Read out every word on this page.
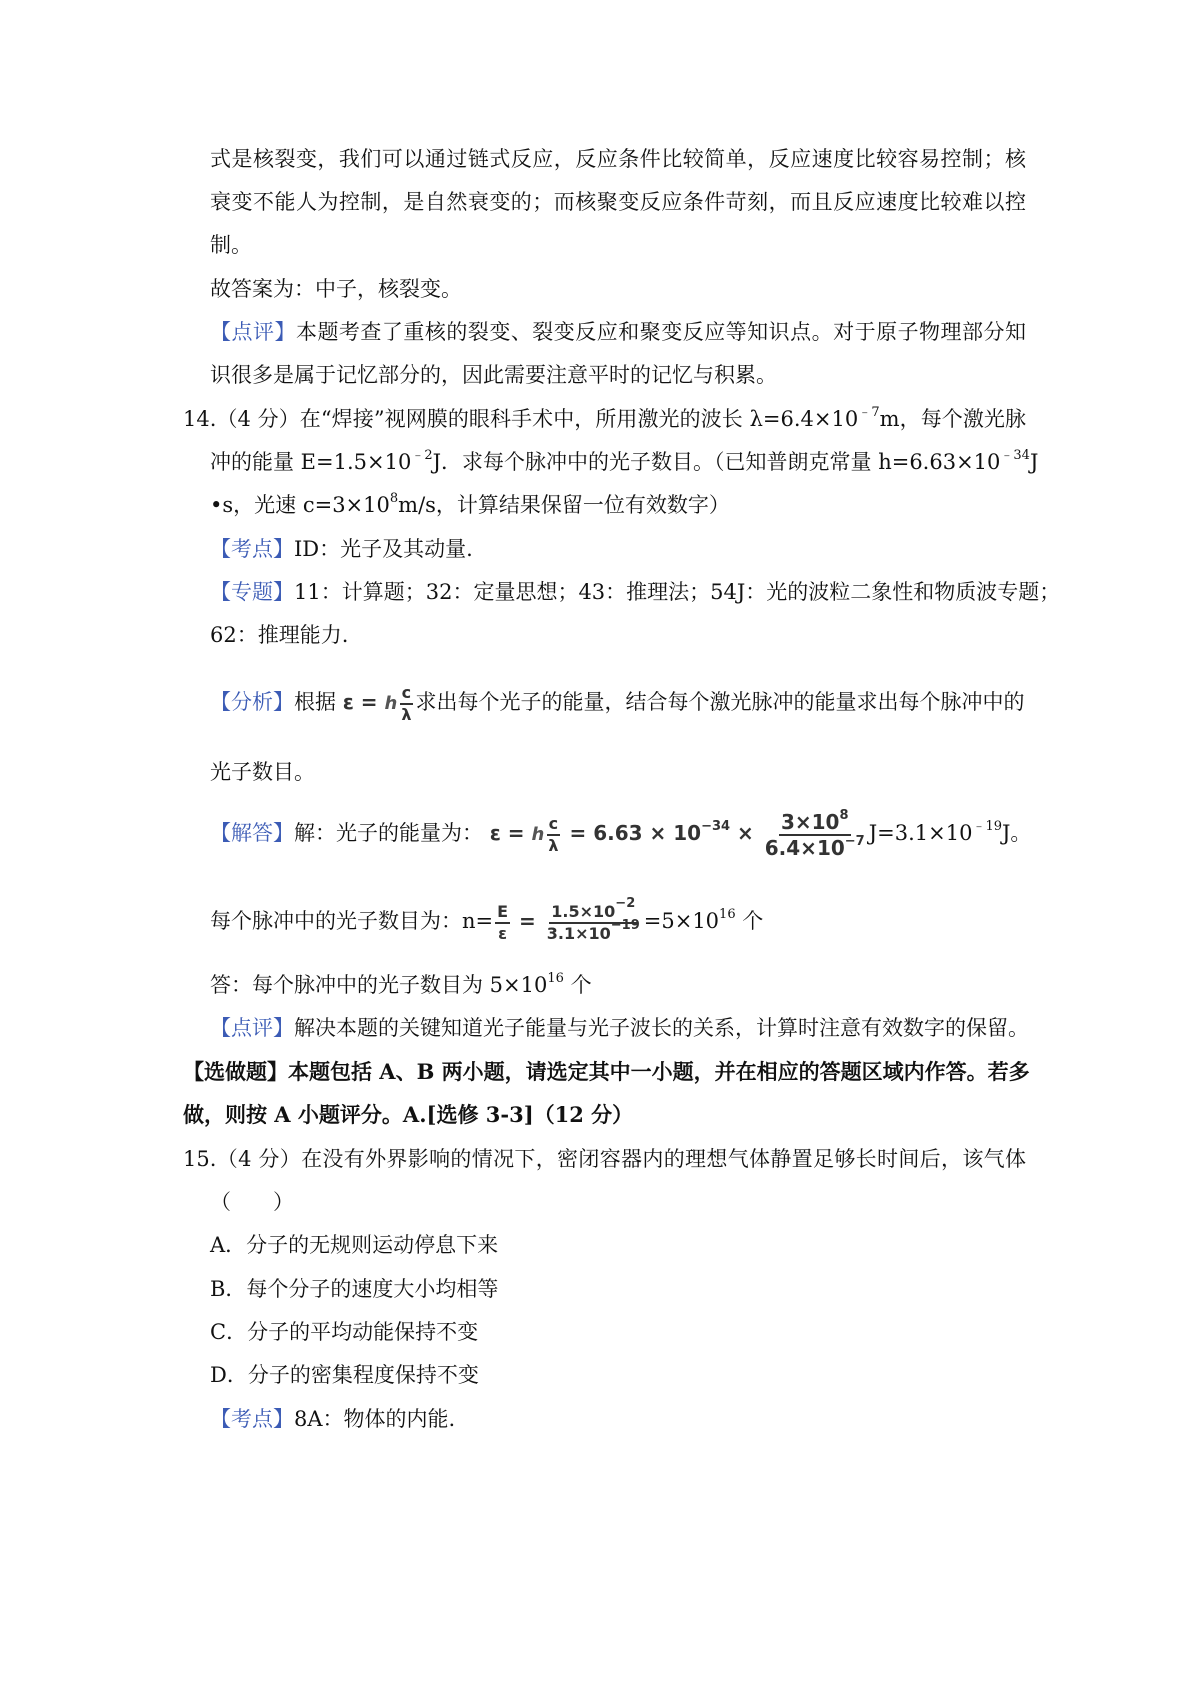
式是核裂变，我们可以通过链式反应，反应条件比较简单，反应速度比较容易控制；核
衰变不能人为控制，是自然衰变的；而核聚变反应条件苛刻，而且反应速度比较难以控
制。
故答案为：中子，核裂变。
【点评】本题考查了重核的裂变、裂变反应和聚变反应等知识点。对于原子物理部分知
识很多是属于记忆部分的，因此需要注意平时的记忆与积累。
14.（4 分）在“焊接”视网膜的眼科手术中，所用激光的波长 $\lambda=6.4\times 10^{﹣7}m$，每个激光脉
冲的能量 $E=1.5\times 10^{﹣2}J$．求每个脉冲中的光子数目。（已知普朗克常量 $h=6.63\times 10^{﹣34}J$
•s，光速 $c=3\times 10^8m/s$，计算结果保留一位有效数字）
【考点】ID：光子及其动量.
【专题】11：计算题；32：定量思想；43：推理法；54J：光的波粒二象性和物质波专题；
62：推理能力.
【分析】根据 ε = h $\frac{c}{\lambda}$ 求出每个光子的能量，结合每个激光脉冲的能量求出每个脉冲中的
光子数目。
【解答】解：光子的能量为： ε = h $\frac{c}{\lambda} = 6.63 \times 10^{-34} \times \frac{3\times 10^8}{6.4\times 10^{-7}} J=3.1\times 10^{﹣19}J$。
每个脉冲中的光子数目为：$n= \frac{E}{\varepsilon} = \frac{1.5\times 10^{-2}}{3.1\times 10^{-19}} =5\times 10^{16}$ 个
答：每个脉冲中的光子数目为 $5\times 10^{16}$ 个
【点评】解决本题的关键知道光子能量与光子波长的关系，计算时注意有效数字的保留。
【选做题】本题包括 A、B 两小题，请选定其中一小题，并在相应的答题区域内作答。若多
做，则按 A 小题评分。A.[选修 3-3]（12 分）
15.（4 分）在没有外界影响的情况下，密闭容器内的理想气体静置足够长时间后，该气体
（　　）
A．分子的无规则运动停息下来
B．每个分子的速度大小均相等
C．分子的平均动能保持不变
D．分子的密集程度保持不变
【考点】8A：物体的内能.
